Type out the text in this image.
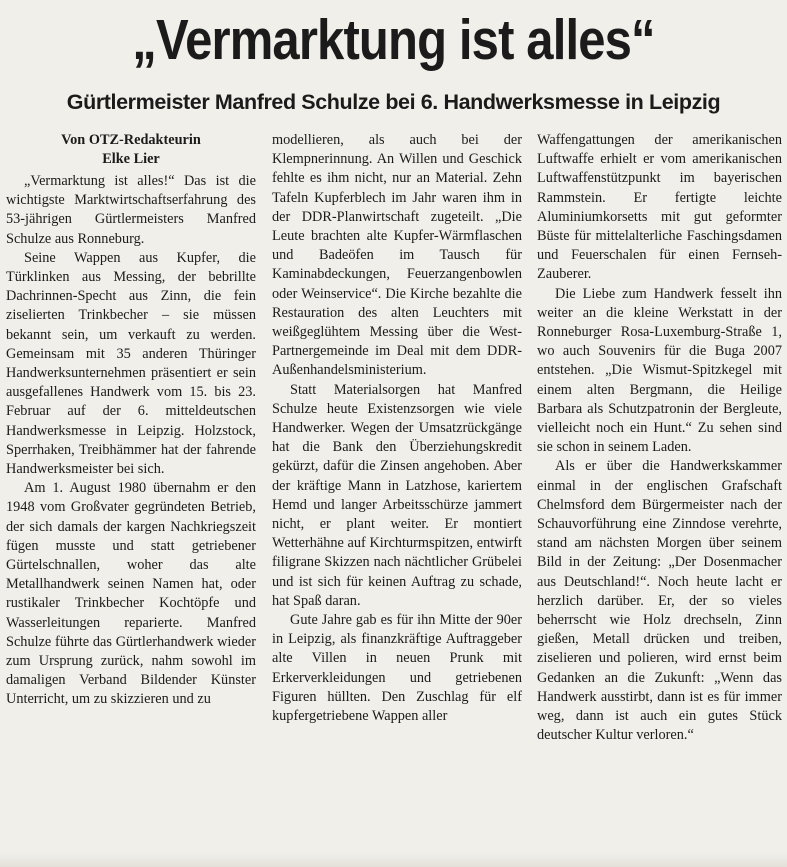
„Vermarktung ist alles“
Gürtlermeister Manfred Schulze bei 6. Handwerksmesse in Leipzig
Von OTZ-Redakteurin
Elke Lier

„Vermarktung ist alles!“ Das ist die wichtigste Marktwirtschaftserfahrung des 53-jährigen Gürtlermeisters Manfred Schulze aus Ronneburg.

Seine Wappen aus Kupfer, die Türklinken aus Messing, der bebrillte Dachrinnen-Specht aus Zinn, die fein ziselierten Trinkbecher – sie müssen bekannt sein, um verkauft zu werden. Gemeinsam mit 35 anderen Thüringer Handwerksunternehmen präsentiert er sein ausgefallenes Handwerk vom 15. bis 23. Februar auf der 6. mitteldeutschen Handwerksmesse in Leipzig. Holzstock, Sperrhaken, Treibhämmer hat der fahrende Handwerksmeister bei sich.

Am 1. August 1980 übernahm er den 1948 vom Großvater gegründeten Betrieb, der sich damals der kargen Nachkriegszeit fügen musste und statt getriebener Gürtelschnallen, woher das alte Metallhandwerk seinen Namen hat, oder rustikaler Trinkbecher Kochtöpfe und Wasserleitungen reparierte. Manfred Schulze führte das Gürtlerhandwerk wieder zum Ursprung zurück, nahm sowohl im damaligen Verband Bildender Künster Unterricht, um zu skizzieren und zu

modellieren, als auch bei der Klempnerinnung. An Willen und Geschick fehlte es ihm nicht, nur an Material. Zehn Tafeln Kupferblech im Jahr waren ihm in der DDR-Planwirtschaft zugeteilt. „Die Leute brachten alte Kupfer-Wärmflaschen und Badeöfen im Tausch für Kaminabdeckungen, Feuerzangenbowlen oder Weinservice“. Die Kirche bezahlte die Restauration des alten Leuchters mit weißgeglühtem Messing über die West-Partnergemeinde im Deal mit dem DDR-Außenhandelsministerium.

Statt Materialsorgen hat Manfred Schulze heute Existenzsorgen wie viele Handwerker. Wegen der Umsatzrückgänge hat die Bank den Überziehungskredit gekürzt, dafür die Zinsen angehoben. Aber der kräftige Mann in Latzhose, kariertem Hemd und langer Arbeitsschürze jammert nicht, er plant weiter. Er montiert Wetterhähne auf Kirchturmspitzen, entwirft filigrane Skizzen nach nächtlicher Grübelei und ist sich für keinen Auftrag zu schade, hat Spaß daran.

Gute Jahre gab es für ihn Mitte der 90er in Leipzig, als finanzkräftige Auftraggeber alte Villen in neuen Prunk mit Erkerverkleidungen und getriebenen Figuren hüllten. Den Zuschlag für elf kupfergetriebene Wappen aller

Waffengattungen der amerikanischen Luftwaffe erhielt er vom amerikanischen Luftwaffenstützpunkt im bayerischen Rammstein. Er fertigte leichte Aluminiumkorsetts mit gut geformter Büste für mittelalterliche Faschingsdamen und Feuerschalen für einen Fernseh-Zauberer.

Die Liebe zum Handwerk fesselt ihn weiter an die kleine Werkstatt in der Ronneburger Rosa-Luxemburg-Straße 1, wo auch Souvenirs für die Buga 2007 entstehen. „Die Wismut-Spitzkegel mit einem alten Bergmann, die Heilige Barbara als Schutzpatronin der Bergleute, vielleicht noch ein Hunt.“ Zu sehen sind sie schon in seinem Laden.

Als er über die Handwerkskammer einmal in der englischen Grafschaft Chelmsford dem Bürgermeister nach der Schauvorführung eine Zinndose verehrte, stand am nächsten Morgen über seinem Bild in der Zeitung: „Der Dosenmacher aus Deutschland!“. Noch heute lacht er herzlich darüber. Er, der so vieles beherrscht wie Holz drechseln, Zinn gießen, Metall drücken und treiben, ziselieren und polieren, wird ernst beim Gedanken an die Zukunft: „Wenn das Handwerk ausstirbt, dann ist es für immer weg, dann ist auch ein gutes Stück deutscher Kultur verloren.“
